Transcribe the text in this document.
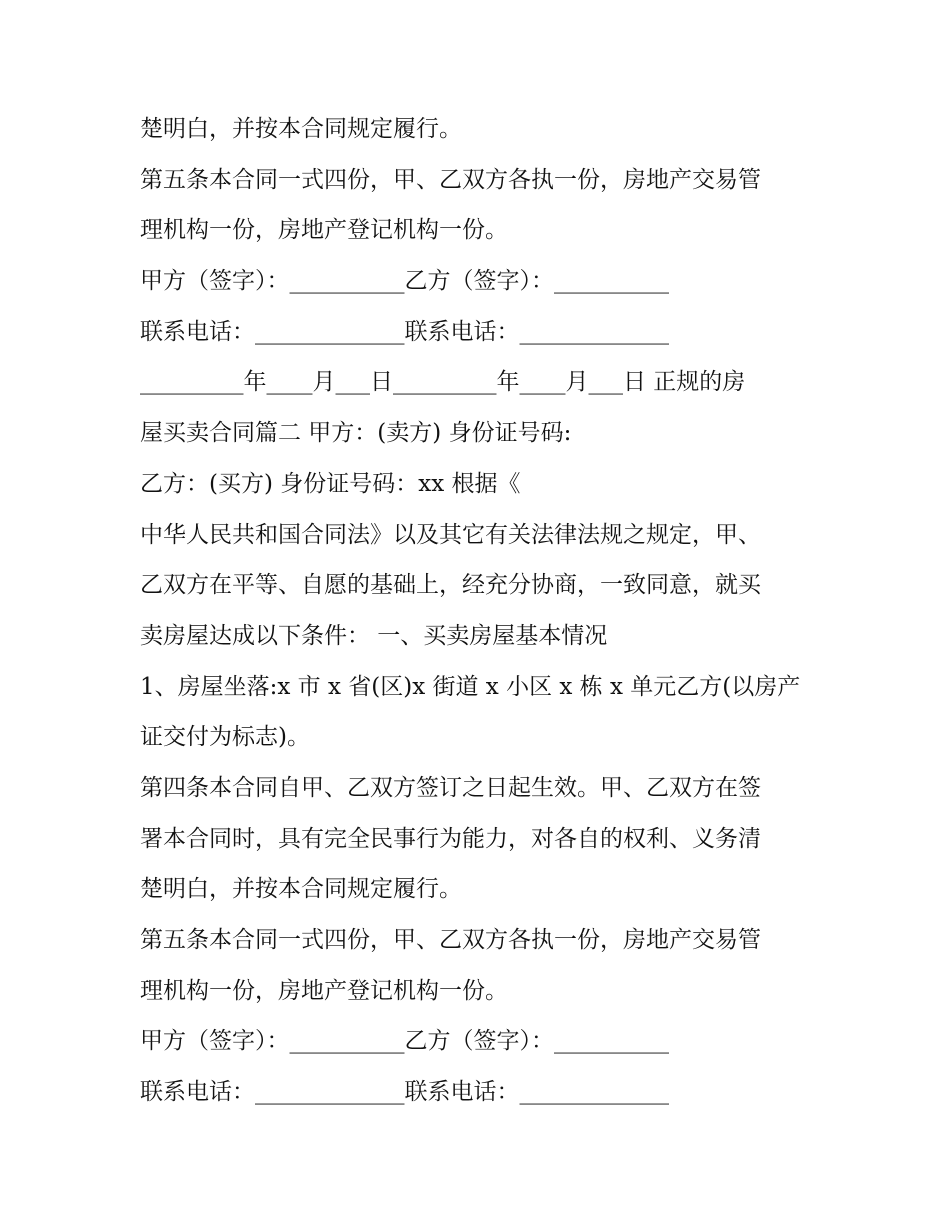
楚明白，并按本合同规定履行。
第五条本合同一式四份，甲、乙双方各执一份，房地产交易管
理机构一份，房地产登记机构一份。
甲方（签字）：__________乙方（签字）：__________
联系电话：_____________联系电话：_____________
_________年____月___日_________年____月___日 正规的房
屋买卖合同篇二 甲方：(卖方) 身份证号码:
乙方：(买方) 身份证号码：xx 根据《
中华人民共和国合同法》以及其它有关法律法规之规定，甲、
乙双方在平等、自愿的基础上，经充分协商，一致同意，就买
卖房屋达成以下条件： 一、买卖房屋基本情况
1、房屋坐落:x 市 x 省(区)x 街道 x 小区 x 栋 x 单元乙方(以房产
证交付为标志)。
第四条本合同自甲、乙双方签订之日起生效。甲、乙双方在签
署本合同时，具有完全民事行为能力，对各自的权利、义务清
楚明白，并按本合同规定履行。
第五条本合同一式四份，甲、乙双方各执一份，房地产交易管
理机构一份，房地产登记机构一份。
甲方（签字）：__________乙方（签字）：__________
联系电话：_____________联系电话：_____________
